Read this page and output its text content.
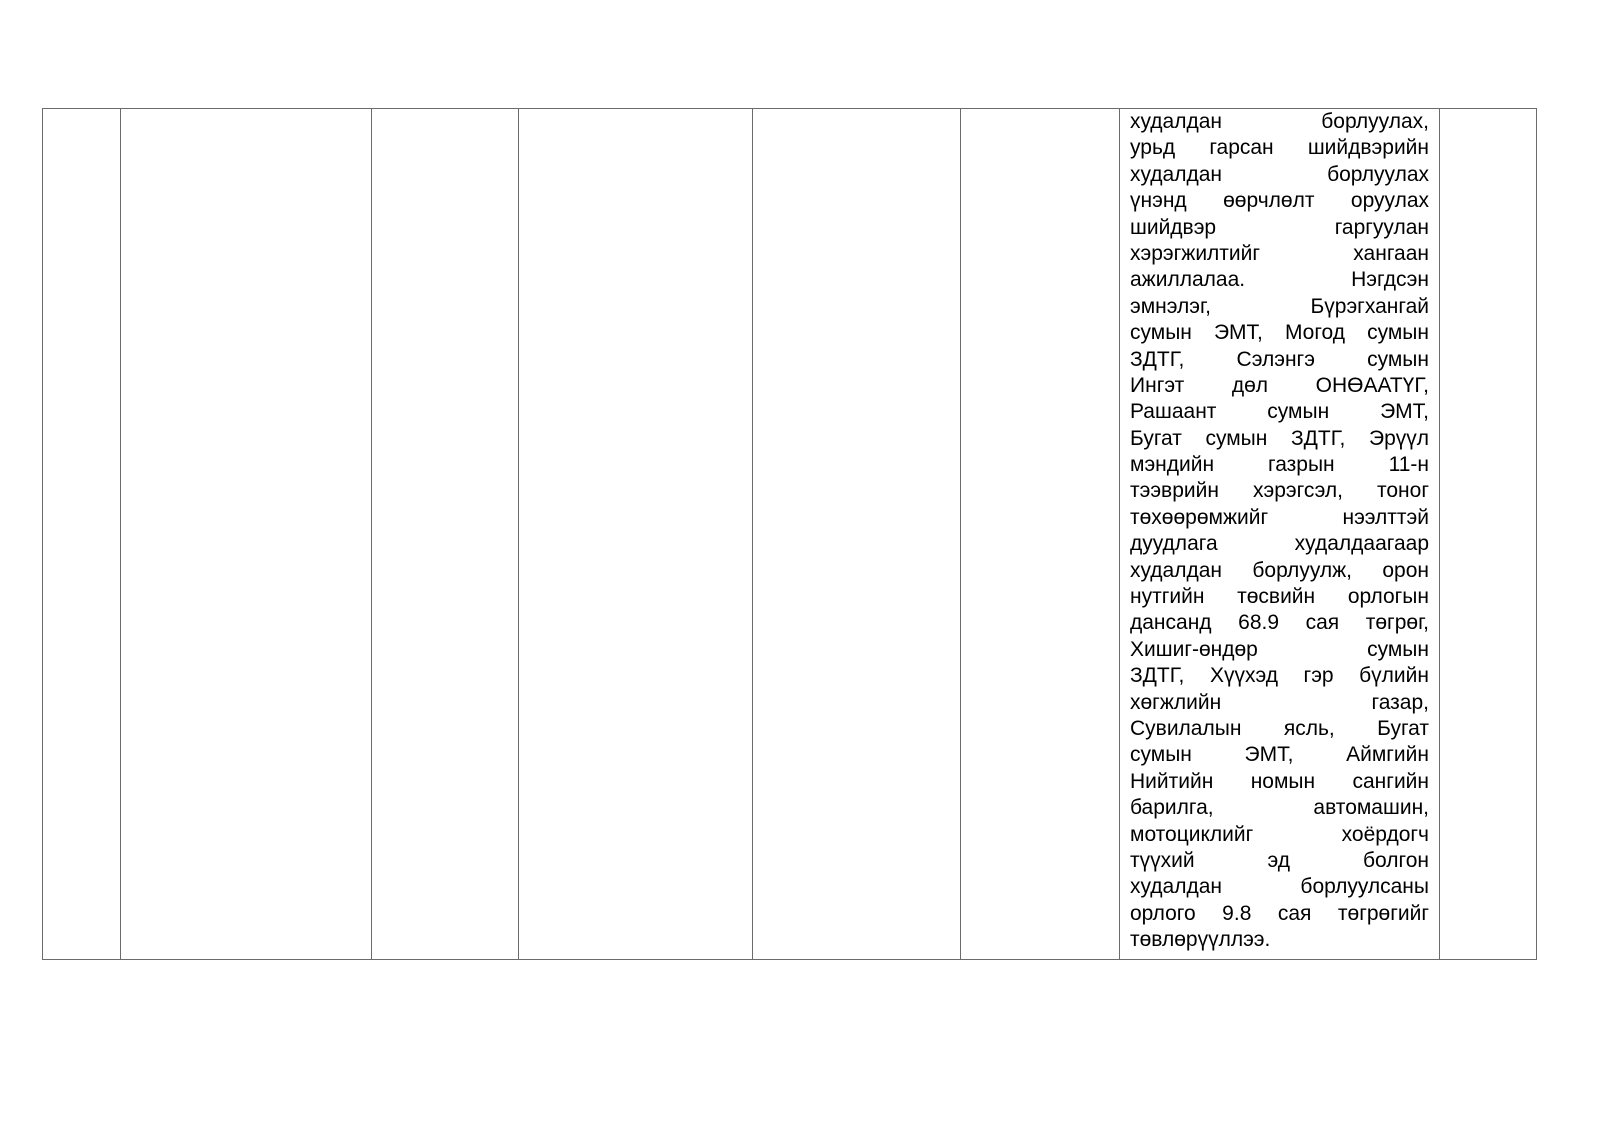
худалдан борлуулах,
урьд гарсан шийдвэрийн
худалдан борлуулах
үнэнд өөрчлөлт оруулах
шийдвэр гаргуулан
хэрэгжилтийг хангаан
ажиллалаа. Нэгдсэн
эмнэлэг, Бүрэгхангай
сумын ЭМТ, Могод сумын
ЗДТГ, Сэлэнгэ сумын
Ингэт дөл ОНӨААТҮГ,
Рашаант сумын ЭМТ,
Бугат сумын ЗДТГ, Эрүүл
мэндийн газрын 11-н
тээврийн хэрэгсэл, тоног
төхөөрөмжийг нээлттэй
дуудлага худалдаагаар
худалдан борлуулж, орон
нутгийн төсвийн орлогын
дансанд 68.9 сая төгрөг,
Хишиг-өндөр сумын
ЗДТГ, Хүүхэд гэр бүлийн
хөгжлийн газар,
Сувилалын ясль, Бугат
сумын ЭМТ, Аймгийн
Нийтийн номын сангийн
барилга, автомашин,
мотоциклийг хоёрдогч
түүхий эд болгон
худалдан борлуулсаны
орлого 9.8 сая төгрөгийг
төвлөрүүллээ.
